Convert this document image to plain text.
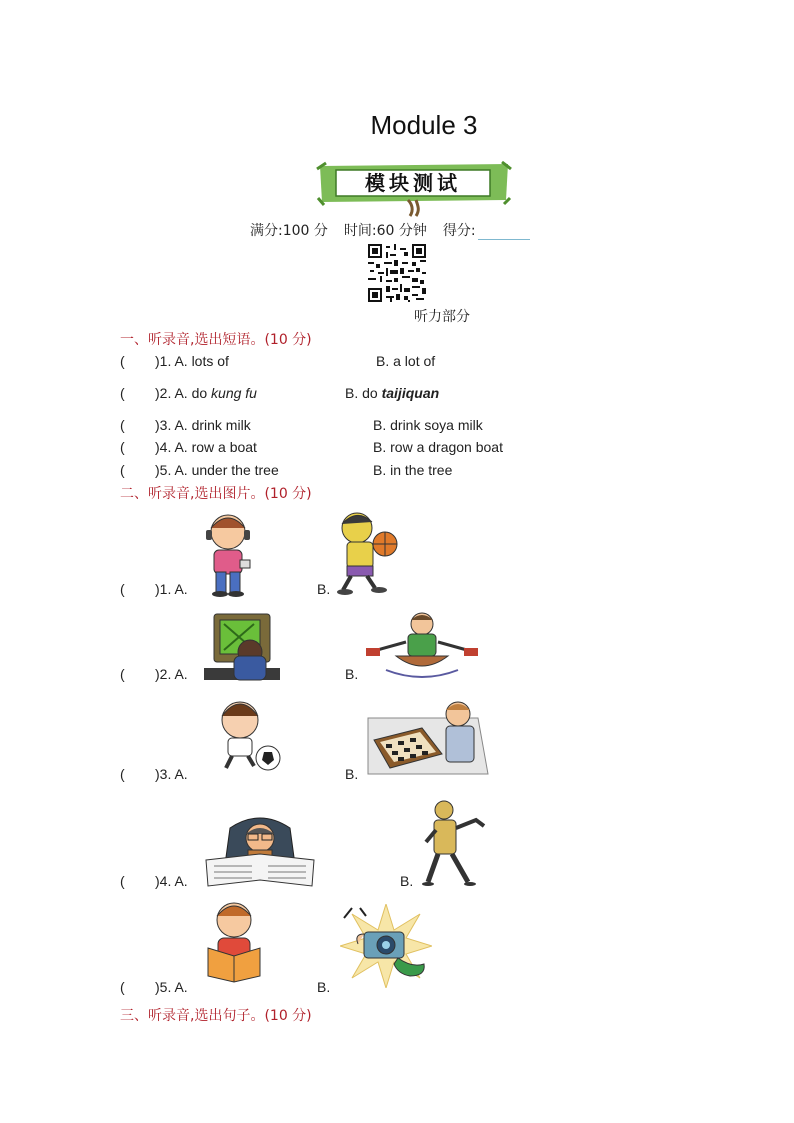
Module 3
模块测试
满分:100 分 时间:60 分钟 得分:
听力部分
一、听录音,选出短语。(10 分)
( )1. A. lots of	B. a lot of
( )2. A. do kung fu	B. do taijiquan
( )3. A. drink milk	B. drink soya milk
( )4. A. row a boat	B. row a dragon boat
( )5. A. under the tree	B. in the tree
二、听录音,选出图片。(10 分)
( )1. A.	B.
( )2. A.	B.
( )3. A.	B.
( )4. A.	B.
( )5. A.	B.
三、听录音,选出句子。(10 分)
